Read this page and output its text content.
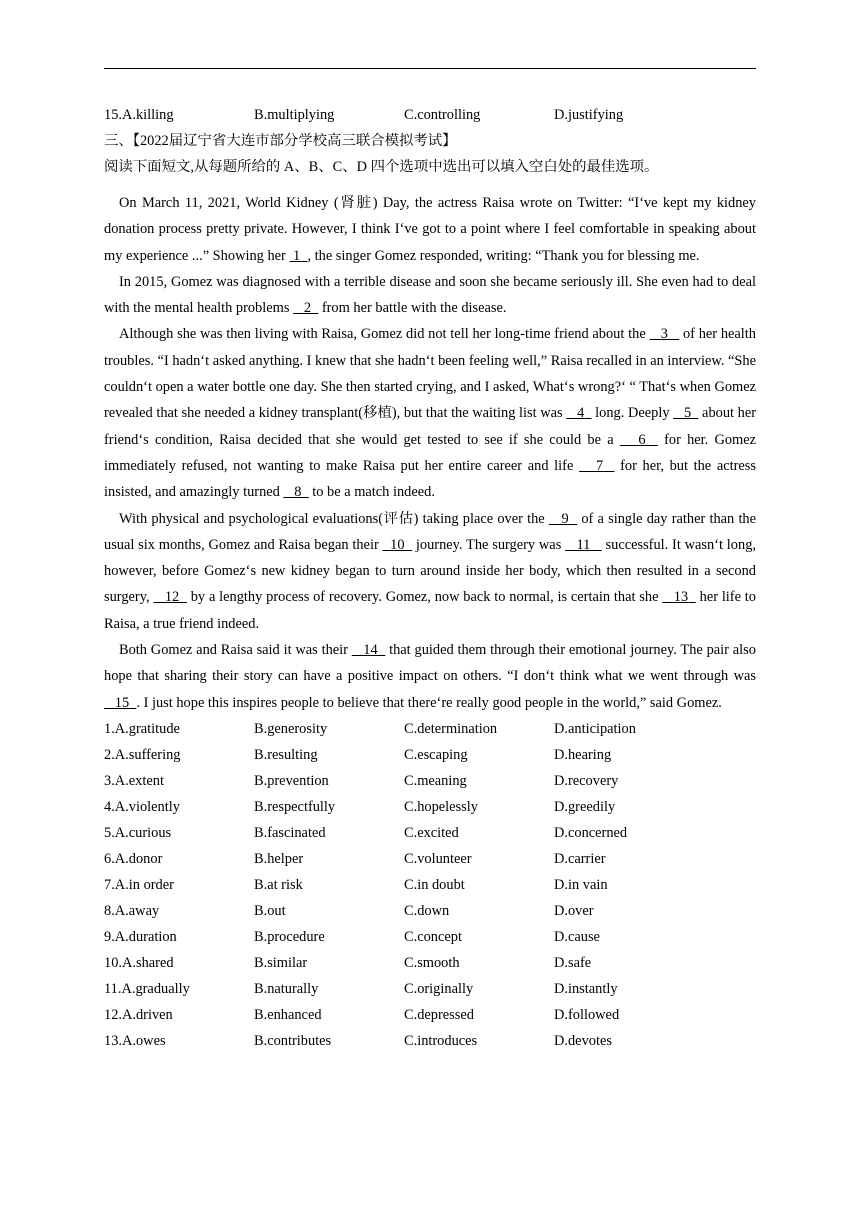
15.A.killing	B.multiplying	C.controlling	D.justifying
三、【2022届辽宁省大连市部分学校高三联合模拟考试】
阅读下面短文,从每题所给的 A、B、C、D 四个选项中选出可以填入空白处的最佳选项。

On March 11, 2021, World Kidney (肾脏) Day, the actress Raisa wrote on Twitter: “I‘ve kept my kidney donation process pretty private. However, I think I‘ve got to a point where I feel comfortable in speaking about my experience ...” Showing her  1 , the singer Gomez responded, writing: “Thank you for blessing me.

In 2015, Gomez was diagnosed with a terrible disease and soon she became seriously ill. She even had to deal with the mental health problems    2   from her battle with the disease.

Although she was then living with Raisa, Gomez did not tell her long-time friend about the    3    of her health troubles. “I hadn‘t asked anything. I knew that she hadn‘t been feeling well,” Raisa recalled in an interview. “She couldn‘t open a water bottle one day. She then started crying, and I asked, What‘s wrong?‘ “ That‘s when Gomez revealed that she needed a kidney transplant(移植), but that the waiting list was    4   long. Deeply    5   about her friend‘s condition, Raisa decided that she would get tested to see if she could be a    6   for her. Gomez immediately refused, not wanting to make Raisa put her entire career and life    7   for her, but the actress insisted, and amazingly turned    8   to be a match indeed.

With physical and psychological evaluations(评估) taking place over the    9   of a single day rather than the usual six months, Gomez and Raisa began their   10   journey. The surgery was    11    successful. It wasn‘t long, however, before Gomez‘s new kidney began to turn around inside her body, which then resulted in a second surgery,    12   by a lengthy process of recovery. Gomez, now back to normal, is certain that she    13   her life to Raisa, a true friend indeed.

Both Gomez and Raisa said it was their    14   that guided them through their emotional journey. The pair also hope that sharing their story can have a positive impact on others. “I don‘t think what we went through was    15 . I just hope this inspires people to believe that there‘re really good people in the world,” said Gomez.

1.A.gratitude	B.generosity	C.determination	D.anticipation
2.A.suffering	B.resulting	C.escaping	D.hearing
3.A.extent	B.prevention	C.meaning	D.recovery
4.A.violently	B.respectfully	C.hopelessly	D.greedily
5.A.curious	B.fascinated	C.excited	D.concerned
6.A.donor	B.helper	C.volunteer	D.carrier
7.A.in order	B.at risk	C.in doubt	D.in vain
8.A.away	B.out	C.down	D.over
9.A.duration	B.procedure	C.concept	D.cause
10.A.shared	B.similar	C.smooth	D.safe
11.A.gradually	B.naturally	C.originally	D.instantly
12.A.driven	B.enhanced	C.depressed	D.followed
13.A.owes	B.contributes	C.introduces	D.devotes
